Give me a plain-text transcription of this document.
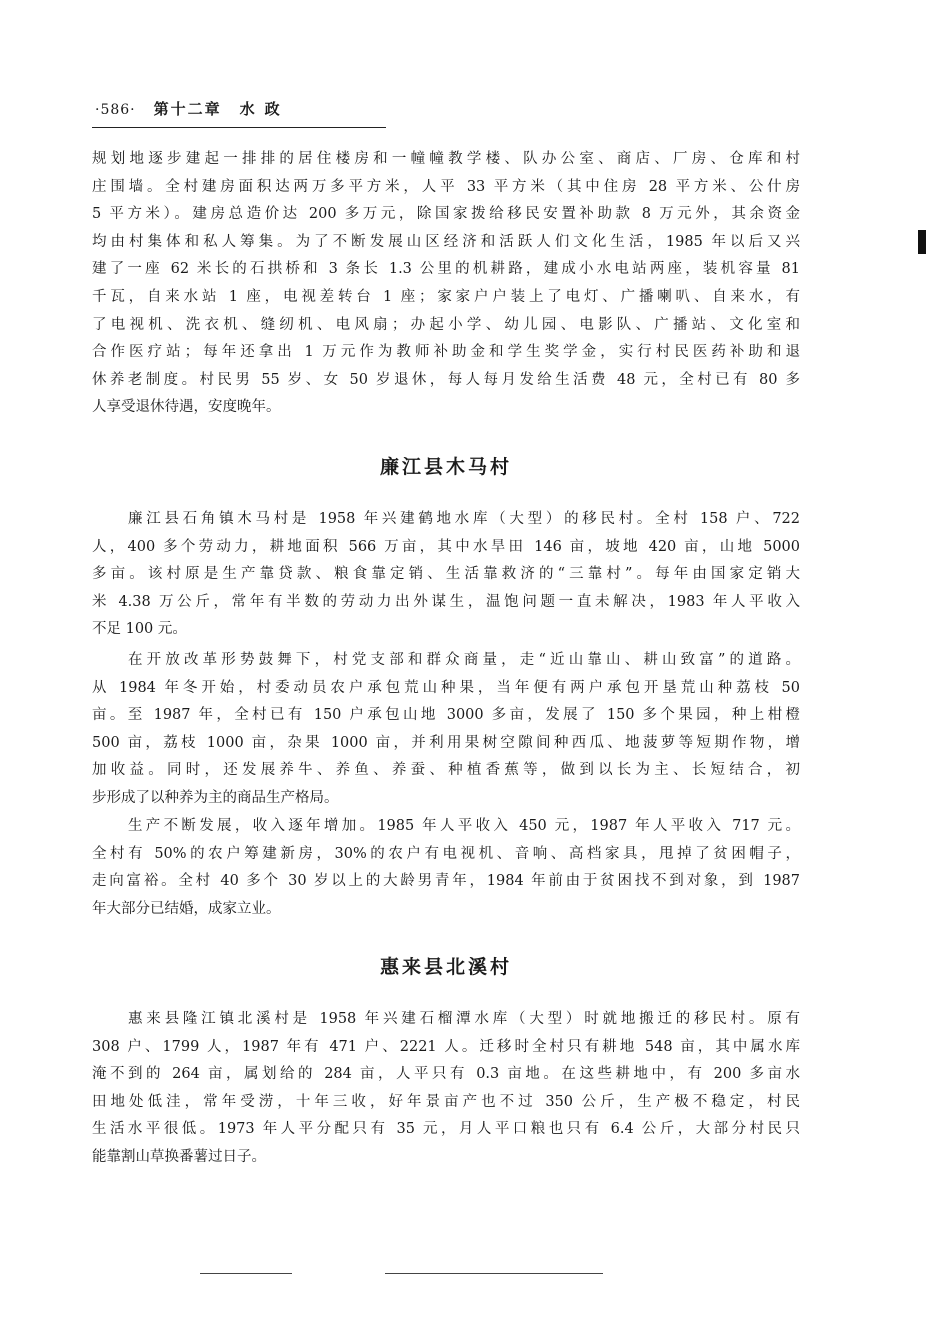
·586· 第十二章 水政
规划地逐步建起一排排的居住楼房和一幢幢教学楼、队办公室、商店、厂房、仓库和村
庄围墙。全村建房面积达两万多平方米，人平 33 平方米（其中住房 28 平方米、公什房
5 平方米）。建房总造价达 200 多万元，除国家拨给移民安置补助款 8 万元外，其余资金
均由村集体和私人筹集。为了不断发展山区经济和活跃人们文化生活，1985 年以后又兴
建了一座 62 米长的石拱桥和 3 条长 1.3 公里的机耕路，建成小水电站两座，装机容量 81
千瓦，自来水站 1 座，电视差转台 1 座；家家户户装上了电灯、广播喇叭、自来水，有
了电视机、洗衣机、缝纫机、电风扇；办起小学、幼儿园、电影队、广播站、文化室和
合作医疗站；每年还拿出 1 万元作为教师补助金和学生奖学金，实行村民医药补助和退
休养老制度。村民男 55 岁、女 50 岁退休，每人每月发给生活费 48 元，全村已有 80 多
人享受退休待遇，安度晚年。
廉江县木马村
廉江县石角镇木马村是 1958 年兴建鹤地水库（大型）的移民村。全村 158 户、722
人，400 多个劳动力，耕地面积 566 万亩，其中水旱田 146 亩，坡地 420 亩，山地 5000
多亩。该村原是生产靠贷款、粮食靠定销、生活靠救济的“三靠村”。每年由国家定销大
米 4.38 万公斤，常年有半数的劳动力出外谋生，温饱问题一直未解决，1983 年人平收入
不足 100 元。
在开放改革形势鼓舞下，村党支部和群众商量，走“近山靠山、耕山致富”的道路。
从 1984 年冬开始，村委动员农户承包荒山种果，当年便有两户承包开垦荒山种荔枝 50
亩。至 1987 年，全村已有 150 户承包山地 3000 多亩，发展了 150 多个果园，种上柑橙
500 亩，荔枝 1000 亩，杂果 1000 亩，并利用果树空隙间种西瓜、地菠萝等短期作物，增
加收益。同时，还发展养牛、养鱼、养蚕、种植香蕉等，做到以长为主、长短结合，初
步形成了以种养为主的商品生产格局。
生产不断发展，收入逐年增加。1985 年人平收入 450 元，1987 年人平收入 717 元。
全村有 50%的农户筹建新房，30%的农户有电视机、音响、高档家具，甩掉了贫困帽子，
走向富裕。全村 40 多个 30 岁以上的大龄男青年，1984 年前由于贫困找不到对象，到 1987
年大部分已结婚，成家立业。
惠来县北溪村
惠来县隆江镇北溪村是 1958 年兴建石榴潭水库（大型）时就地搬迁的移民村。原有
308 户、1799 人，1987 年有 471 户、2221 人。迁移时全村只有耕地 548 亩，其中属水库
淹不到的 264 亩，属划给的 284 亩，人平只有 0.3 亩地。在这些耕地中，有 200 多亩水
田地处低洼，常年受涝，十年三收，好年景亩产也不过 350 公斤，生产极不稳定，村民
生活水平很低。1973 年人平分配只有 35 元，月人平口粮也只有 6.4 公斤，大部分村民只
能靠割山草换番薯过日子。
